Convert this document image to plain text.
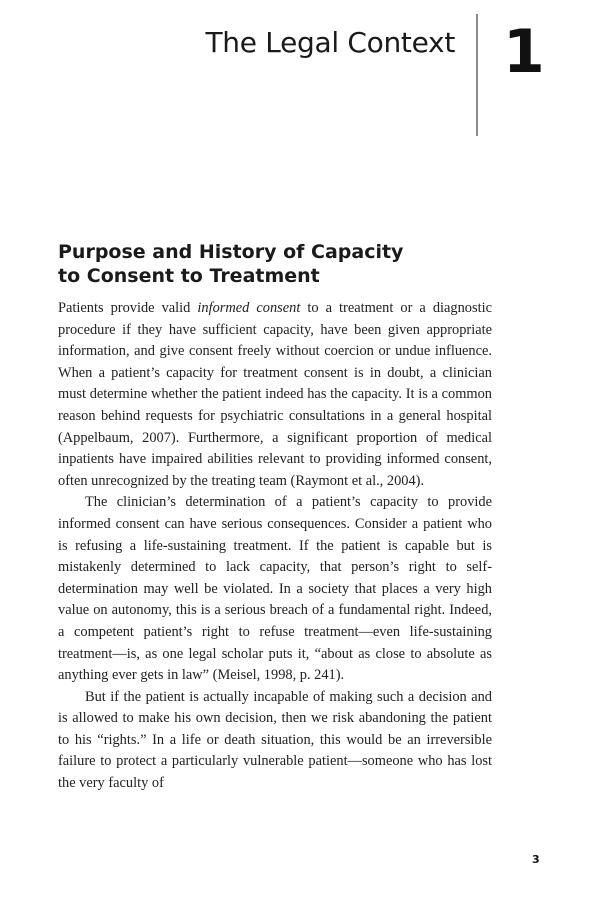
The Legal Context 1
Purpose and History of Capacity
to Consent to Treatment

Patients provide valid informed consent to a treatment or a diagnostic procedure if they have sufficient capacity, have been given appropriate information, and give consent freely without coercion or undue influence. When a patient’s capacity for treatment consent is in doubt, a clinician must determine whether the patient indeed has the capacity. It is a common reason behind requests for psychiatric consultations in a general hospital (Appelbaum, 2007). Furthermore, a significant proportion of medical inpatients have impaired abilities relevant to providing informed consent, often unrecognized by the treating team (Raymont et al., 2004).

The clinician’s determination of a patient’s capacity to provide informed consent can have serious consequences. Consider a patient who is refusing a life-sustaining treatment. If the patient is capable but is mistakenly determined to lack capacity, that person’s right to self-determination may well be violated. In a society that places a very high value on autonomy, this is a serious breach of a fundamental right. Indeed, a competent patient’s right to refuse treatment—even life-sustaining treatment—is, as one legal scholar puts it, “about as close to absolute as anything ever gets in law” (Meisel, 1998, p. 241).

But if the patient is actually incapable of making such a decision and is allowed to make his own decision, then we risk abandoning the patient to his “rights.” In a life or death situation, this would be an irreversible failure to protect a particularly vulnerable patient—someone who has lost the very faculty of

3
